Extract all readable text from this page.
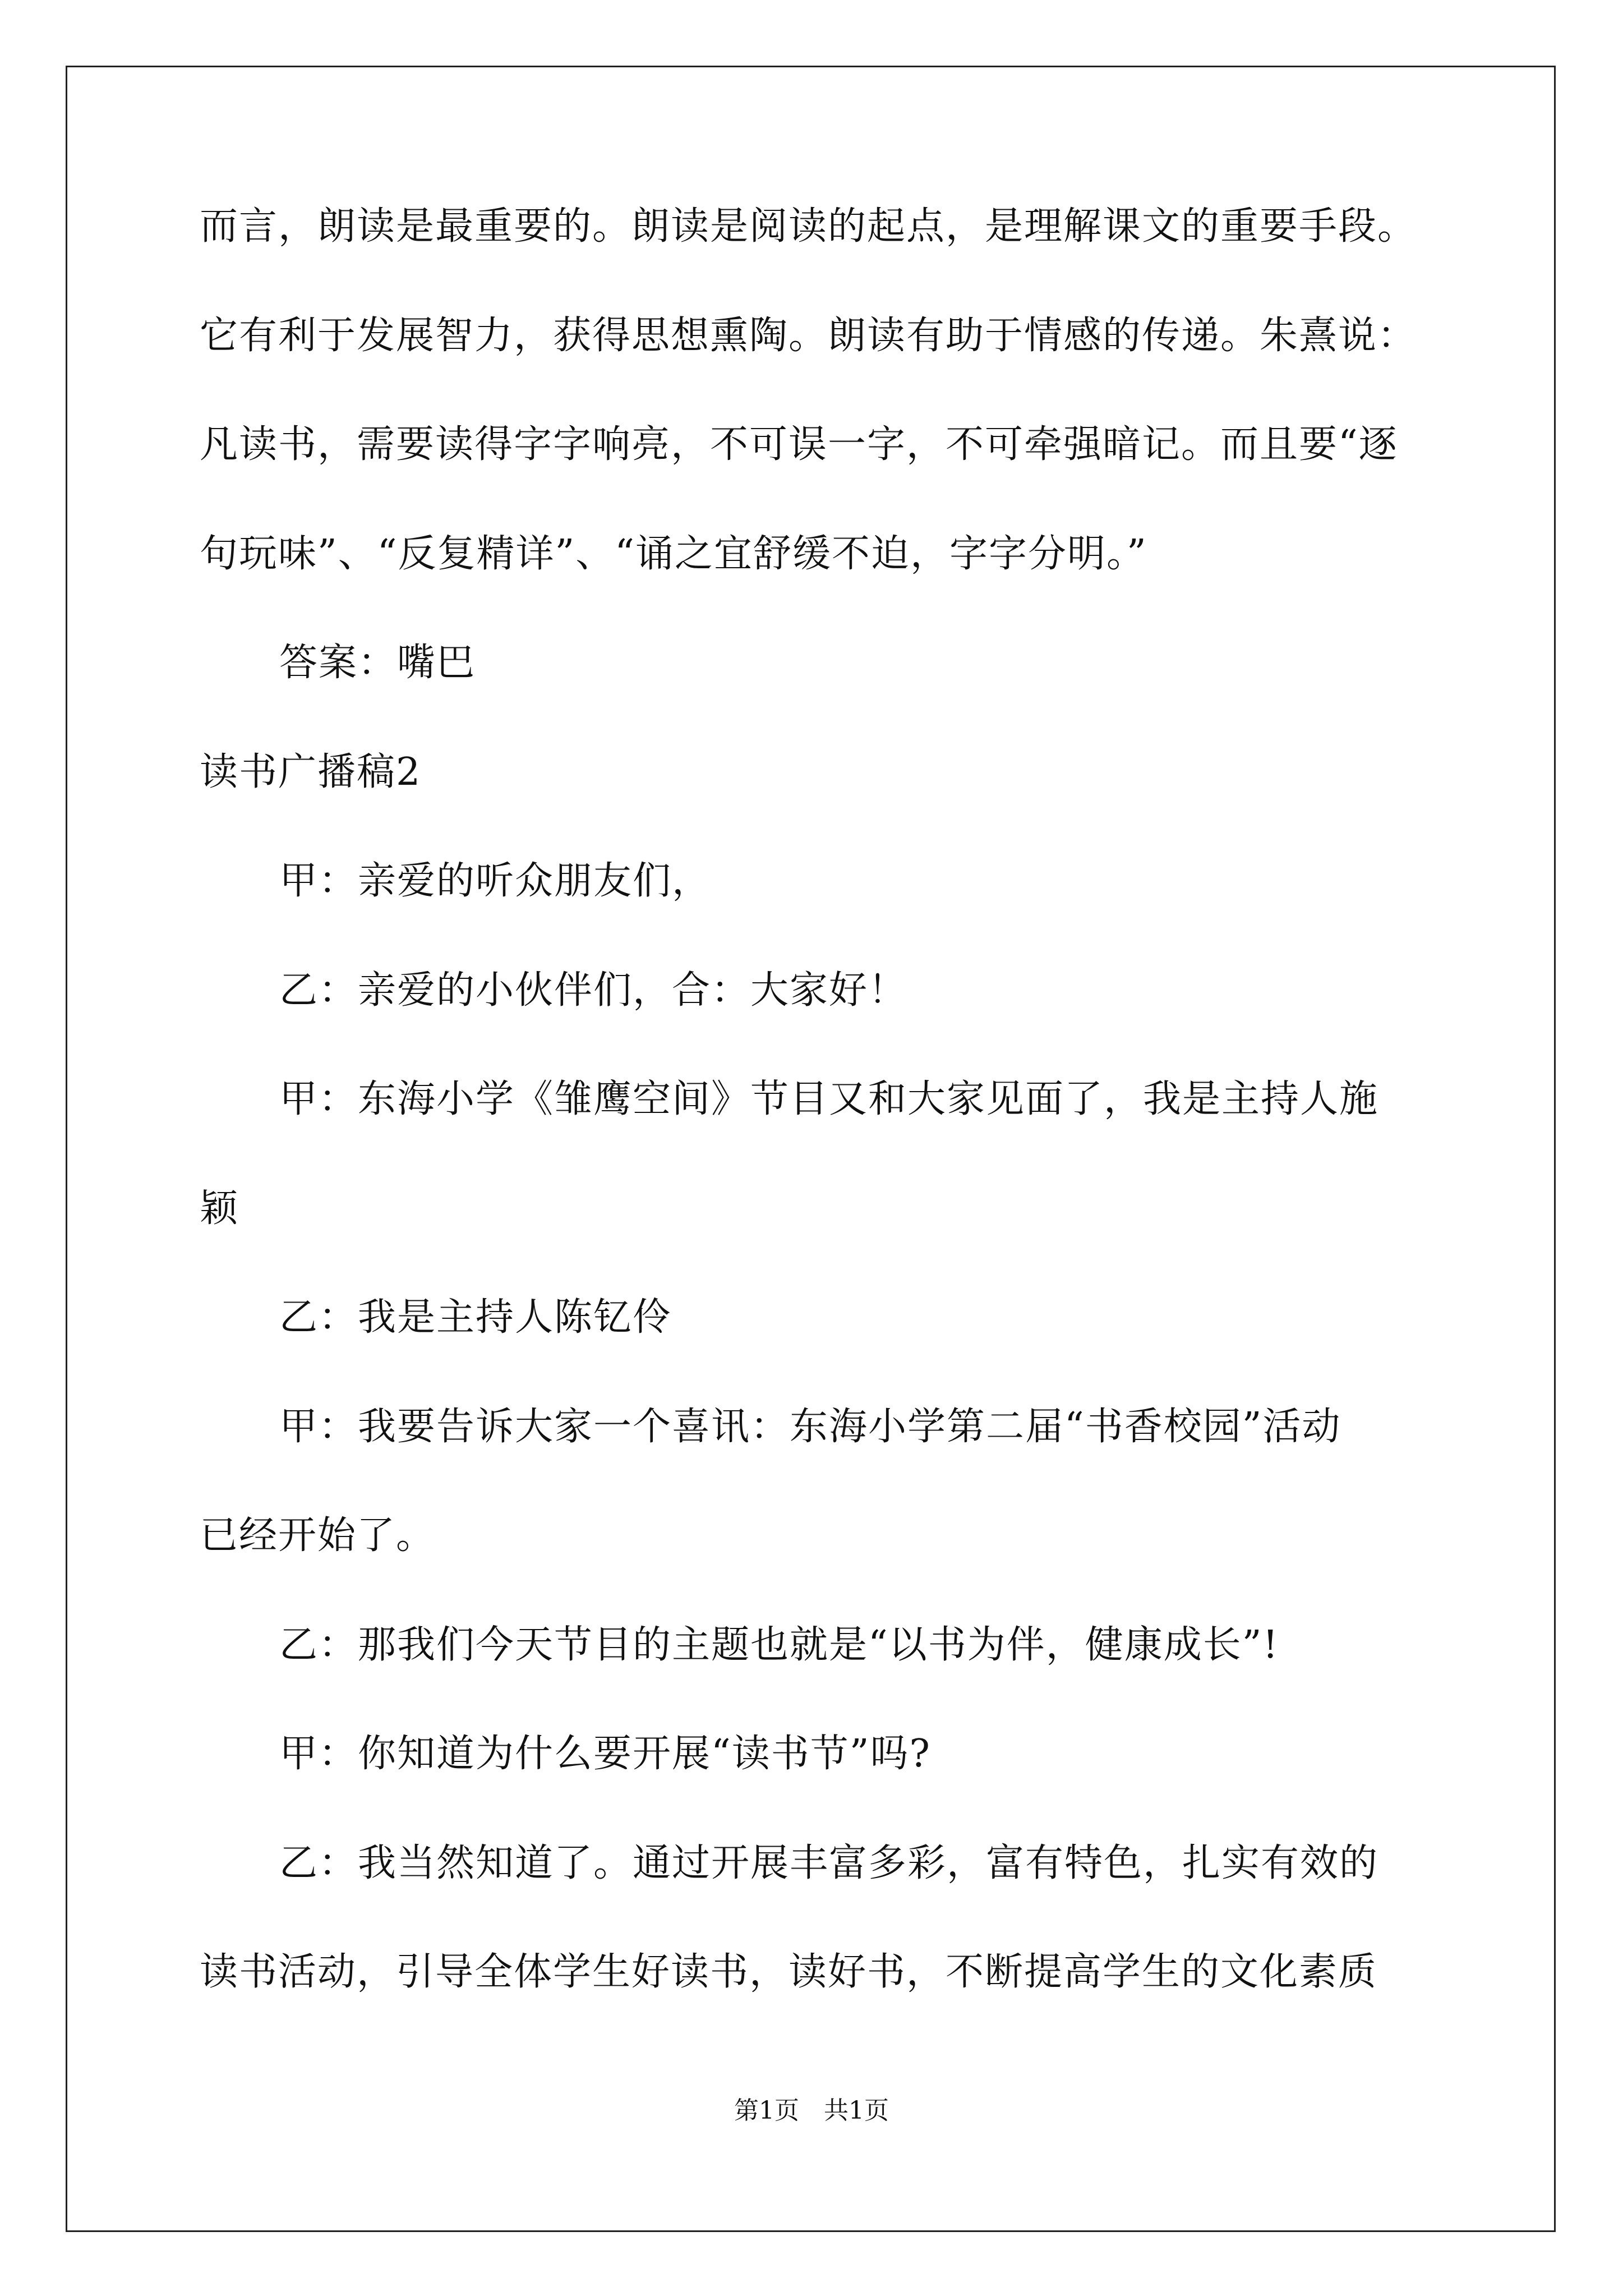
而言，朗读是最重要的。朗读是阅读的起点，是理解课文的重要手段。
它有利于发展智力，获得思想熏陶。朗读有助于情感的传递。朱熹说：
凡读书，需要读得字字响亮，不可误一字，不可牵强暗记。而且要“逐
句玩味”、“反复精详”、“诵之宜舒缓不迫，字字分明。”
答案：嘴巴
读书广播稿2
甲：亲爱的听众朋友们，
乙：亲爱的小伙伴们，合：大家好！
甲：东海小学《雏鹰空间》节目又和大家见面了，我是主持人施
颖
乙：我是主持人陈钇伶
甲：我要告诉大家一个喜讯：东海小学第二届“书香校园”活动
已经开始了。
乙：那我们今天节目的主题也就是“以书为伴，健康成长”!
甲：你知道为什么要开展“读书节”吗?
乙：我当然知道了。通过开展丰富多彩，富有特色，扎实有效的
读书活动，引导全体学生好读书，读好书，不断提高学生的文化素质
第1页　共1页
